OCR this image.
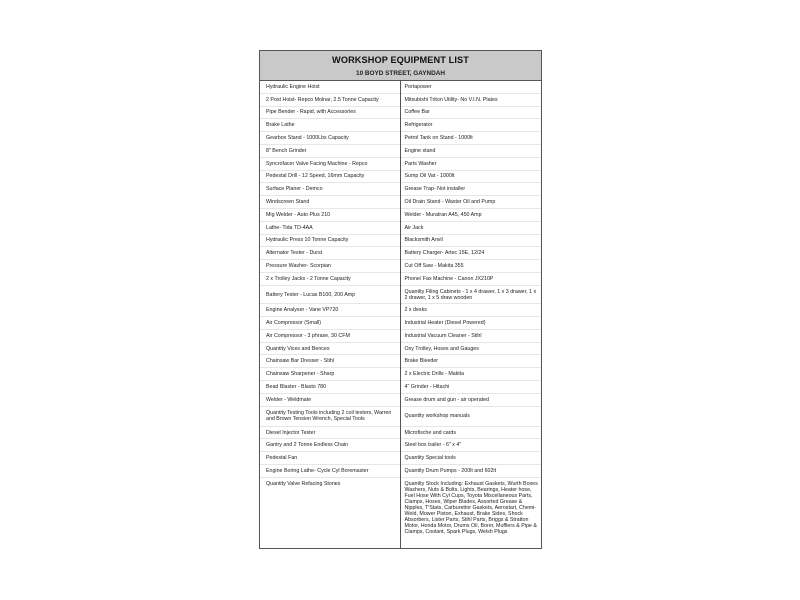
WORKSHOP EQUIPMENT LIST
10 BOYD STREET, GAYNDAH
Hydraulic Engine Hoist
2 Post Hoist- Repco Molnar, 2.5 Tonne Capacity
Pipe Bender - Rapid, with Accessories
Brake Lathe
Gearbox Stand - 1000Lbs Capacity
8" Bench Grinder
Syncrofacer Valve Facing Machine - Repco
Pedestal Drill - 12 Speed, 16mm Capacity
Surface Planer - Demco
Windscreen Stand
Mig Welder - Auto Plus 210
Lathe- Tida TD-4AA
Hydraulic Press 10 Tonne Capacity
Alternator Tester - Durst
Pressure Washer- Scorpian
2 x Trolley Jacks - 2 Tonne Capacity
Battery Tester - Lucas B100, 200 Amp
Engine Analyser - Vane VP720
Air Compressor (Small)
Air Compressor - 3 phrase, 30 CFM
Quantity Vices and Bences
Chainsaw Bar Dresser - Stihl
Chainsaw Sharpener - Sharp
Bead Blaster - Blasto 780
Welder - Weldmate
Quantity Testing Tools including 2 coil testers, Warren and Brown Tension Wrench, Special Tools
Diesel Injector Tester
Gantry and 2 Tonne Endless Chain
Pedestal Fan
Engine Boring Lathe- Cycle Cyl Boremaster
Quantity Valve Refacing Stones
Portapower
Mitsubishi Triton Utility- No V.I.N. Plates
Coffee Bar
Refrigerator
Petrol Tank on Stand - 1000lt
Engine stand
Parts Washer
Sump Oil Vat - 1000lt
Grease Trap- Not installer
Oil Drain Stand - Waster Oil and Pump
Welder - Muratran A45, 450 Amp
Air Jack
Blacksmith Anvil
Battery Charger- Artec 15E, 12/24
Cut Off Saw - Makita 355
Phone/ Fax Machine - Canon JX210P
Quantity Filing Cabinets - 1 x 4 drawer, 1 x 3 drawer, 1 x 2 drawer, 1 x 5 draw wooden
2 x desks
Industrial Heater (Diesel Powered)
Industrial Vacuum Cleaner - Stihl
Oxy Trolley, Hoses and Gauges
Brake Bleeder
2 x Electric Drills - Makita
4" Grinder - Hitachi
Grease drum and gun - air operated
Quantity workshop manuals
Microfische and cards
Steel box trailer - 6" x 4"
Quantity Special tools
Quantity Drum Pumps - 200lt and 602lt
Quantity Stock Including: Exhaust Gaskets, Wurth Boxes Washers, Nuts & Bolts, Lights, Bearings, Heater hose, Fuel Hose With Cyl Cups, Toyota Miscellaneous Parts, Clamps, Hoses, Wiper Blades, Assorted Grease & Nipples, T'Stats, Carburettor Gaskets, Aerostart, Chemi-Weld, Mower Piston, Exhaust, Brake Sides, Shock Absorbers, Lister Parts, Stihl Parts, Briggs & Stratton Motor, Honda Motor, Drums Oil, Borer, Mufflers & Pipe & Clamps, Coolant, Spark Plugs, Welsh Plugs
